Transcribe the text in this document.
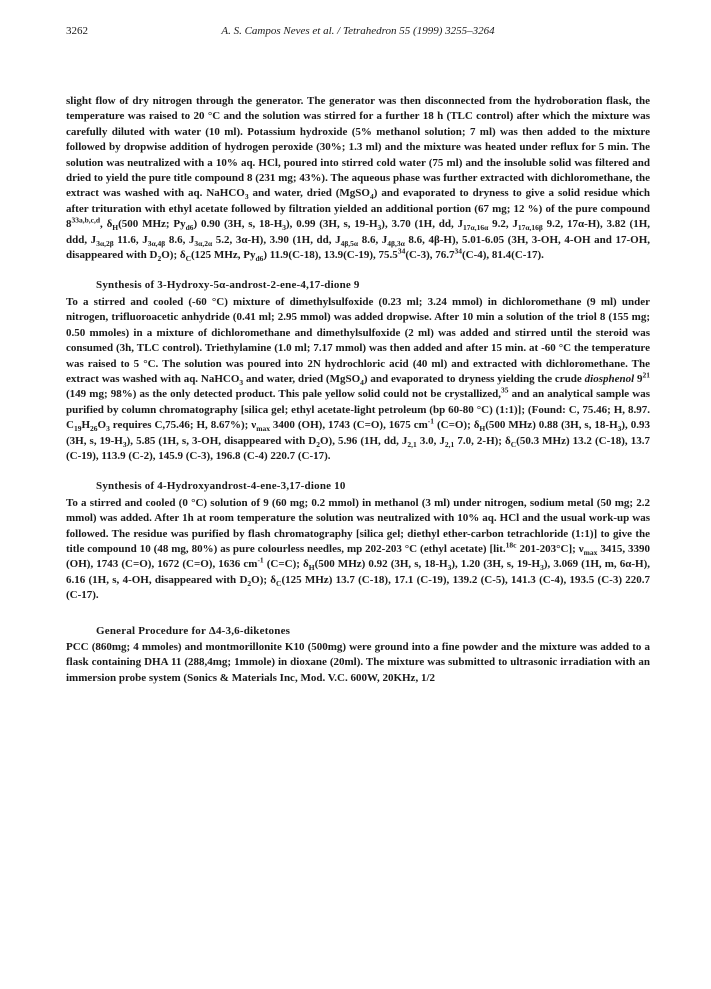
3262	A. S. Campos Neves et al. / Tetrahedron 55 (1999) 3255–3264

slight flow of dry nitrogen through the generator. The generator was then disconnected from the hydroboration flask, the temperature was raised to 20 °C and the solution was stirred for a further 18 h (TLC control) after which the mixture was carefully diluted with water (10 ml). Potassium hydroxide (5% methanol solution; 7 ml) was then added to the mixture followed by dropwise addition of hydrogen peroxide (30%; 1.3 ml) and the mixture was heated under reflux for 5 min. The solution was neutralized with a 10% aq. HCl, poured into stirred cold water (75 ml) and the insoluble solid was filtered and dried to yield the pure title compound 8 (231 mg; 43%). The aqueous phase was further extracted with dichloromethane, the extract was washed with aq. NaHCO$_3$ and water, dried (MgSO$_4$) and evaporated to dryness to give a solid residue which after trituration with ethyl acetate followed by filtration yielded an additional portion (67 mg; 12 %) of the pure compound $8^{33a,b,c,d}$, $\delta_H(500$ MHz; $Py_{d6}$) 0.90 (3H, s, $18-H_3$), 0.99 (3H, s, $19-H_3$), 3.70 (1H, dd, $J_{17\alpha,16\alpha}$ 9.2, $J_{17\alpha,16\beta}$ 9.2, 17α-H), 3.82 (1H, ddd, $J_{3\alpha,2\beta}$ 11.6, $J_{3\alpha,4\beta}$ 8.6, $J_{3\alpha,2\alpha}$ 5.2, 3α-H), 3.90 (1H, dd, $J_{4\beta,5\alpha}$ 8.6, $J_{4\beta,3\alpha}$ 8.6, 4β-H), 5.01-6.05 (3H, 3-OH, 4-OH and 17-OH, disappeared with $D_2O$); $\delta_C(125$ MHz, $Py_{d6}$) 11.9(C-18), 13.9(C-19), 75.5$^{34}$(C-3), 76.7$^{34}$(C-4), 81.4(C-17).

Synthesis of 3-Hydroxy-5α-androst-2-ene-4,17-dione 9

To a stirred and cooled (-60 °C) mixture of dimethylsulfoxide (0.23 ml; 3.24 mmol) in dichloromethane (9 ml) under nitrogen, trifluoroacetic anhydride (0.41 ml; 2.95 mmol) was added dropwise. After 10 min a solution of the triol 8 (155 mg; 0.50 mmoles) in a mixture of dichloromethane and dimethylsulfoxide (2 ml) was added and stirred until the steroid was consumed (3h, TLC control). Triethylamine (1.0 ml; 7.17 mmol) was then added and after 15 min. at -60 °C the temperature was raised to 5 °C. The solution was poured into 2N hydrochloric acid (40 ml) and extracted with dichloromethane. The extract was washed with aq. NaHCO$_3$ and water, dried (MgSO$_4$) and evaporated to dryness yielding the crude diosphenol $9^{21}$ (149 mg; 98%) as the only detected product. This pale yellow solid could not be crystallized,$^{35}$ and an analytical sample was purified by column chromatography [silica gel; ethyl acetate-light petroleum (bp 60-80 °C) (1:1)]; (Found: C, 75.46; H, 8.97. $C_{19}H_{26}O_3$ requires C,75.46; H, 8.67%); $\nu_{max}$ 3400 (OH), 1743 (C=O), 1675 $cm^{-1}$ (C=O); $\delta_H(500$ MHz) 0.88 (3H, s, $18-H_3$), 0.93 (3H, s, $19-H_3$), 5.85 (1H, s, 3-OH, disappeared with $D_2O$), 5.96 (1H, dd, $J_{2,1}$ 3.0, $J_{2,1}$ 7.0, 2-H); $\delta_C(50.3$ MHz) 13.2 (C-18), 13.7 (C-19), 113.9 (C-2), 145.9 (C-3), 196.8 (C-4) 220.7 (C-17).

Synthesis of 4-Hydroxyandrost-4-ene-3,17-dione 10

To a stirred and cooled (0 °C) solution of 9 (60 mg; 0.2 mmol) in methanol (3 ml) under nitrogen, sodium metal (50 mg; 2.2 mmol) was added. After 1h at room temperature the solution was neutralized with 10% aq. HCl and the usual work-up was followed. The residue was purified by flash chromatography [silica gel; diethyl ether-carbon tetrachloride (1:1)] to give the title compound 10 (48 mg, 80%) as pure colourless needles, mp 202-203 °C (ethyl acetate) [lit.$^{18c}$ 201-203°C]; $\nu_{max}$ 3415, 3390 (OH), 1743 (C=O), 1672 (C=O), 1636 $cm^{-1}$ (C=C); $\delta_H(500$ MHz) 0.92 (3H, s, $18-H_3$), 1.20 (3H, s, $19-H_3$), 3.069 (1H, m, 6α-H), 6.16 (1H, s, 4-OH, disappeared with $D_2O$); $\delta_C(125$ MHz) 13.7 (C-18), 17.1 (C-19), 139.2 (C-5), 141.3 (C-4), 193.5 (C-3) 220.7 (C-17).

General Procedure for Δ4-3,6-diketones

PCC (860mg; 4 mmoles) and montmorillonite K10 (500mg) were ground into a fine powder and the mixture was added to a flask containing DHA 11 (288,4mg; 1mmole) in dioxane (20ml). The mixture was submitted to ultrasonic irradiation with an immersion probe system (Sonics & Materials Inc, Mod. V.C. 600W, 20KHz, 1/2
